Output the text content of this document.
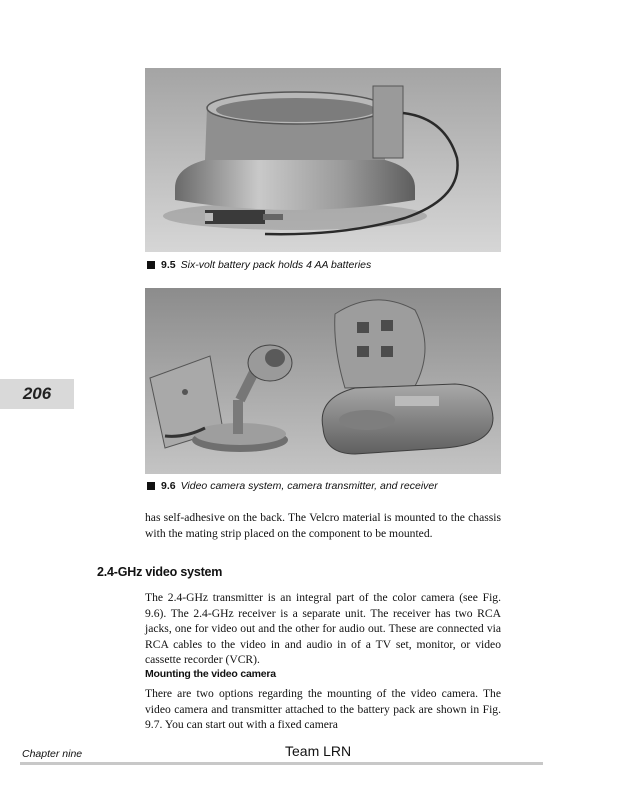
9.5 Six-volt battery pack holds 4 AA batteries
9.6 Video camera system, camera transmitter, and receiver
206

has self-adhesive on the back. The Velcro material is mounted to the chassis with the mating strip placed on the component to be mounted.

2.4-GHz video system

The 2.4-GHz transmitter is an integral part of the color camera (see Fig. 9.6). The 2.4-GHz receiver is a separate unit. The receiver has two RCA jacks, one for video out and the other for audio out. These are connected via RCA cables to the video in and audio in of a TV set, monitor, or video cassette recorder (VCR).

Mounting the video camera

There are two options regarding the mounting of the video camera. The video camera and transmitter attached to the battery pack are shown in Fig. 9.7. You can start out with a fixed camera

Chapter nine	Team LRN
